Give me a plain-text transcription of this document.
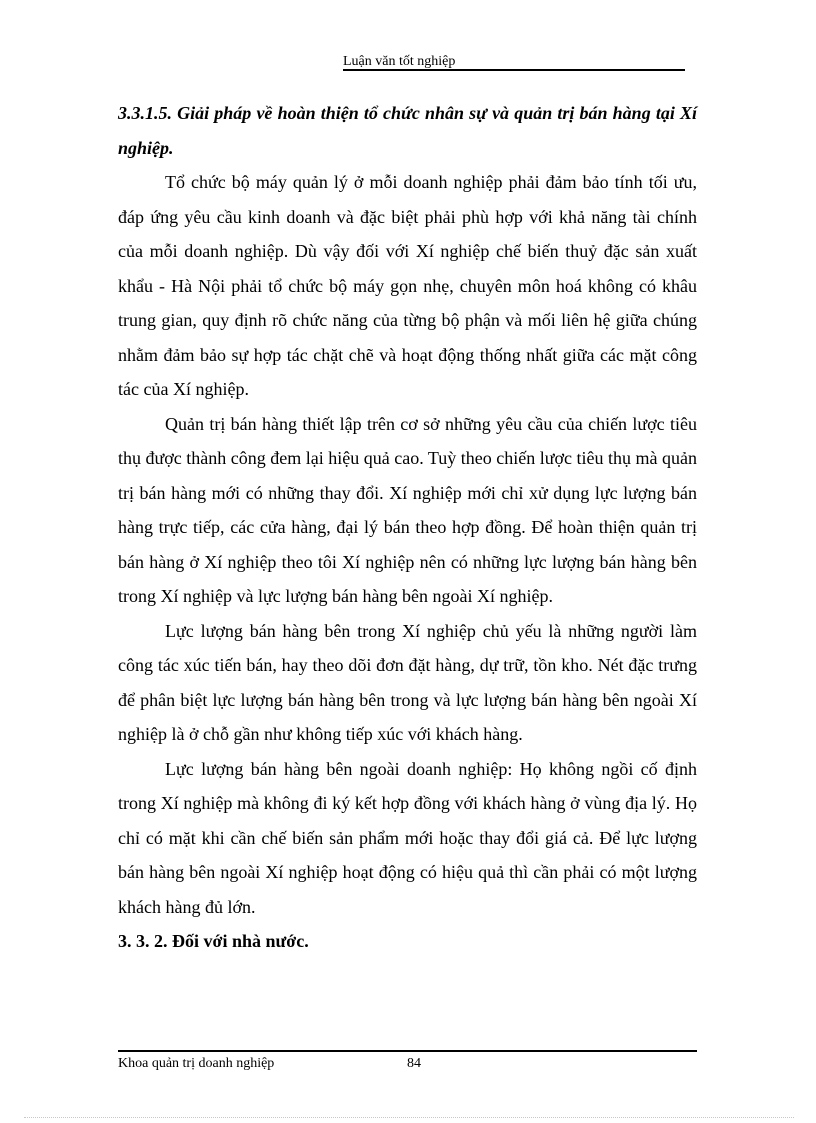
Luận văn tốt nghiệp

3.3.1.5. Giải pháp về hoàn thiện tổ chức nhân sự và quản trị bán hàng tại Xí nghiệp.

Tổ chức bộ máy quản lý ở mỗi doanh nghiệp phải đảm bảo tính tối ưu, đáp ứng yêu cầu kinh doanh và đặc biệt phải phù hợp với khả năng tài chính của mỗi doanh nghiệp. Dù vậy đối với Xí nghiệp chế biến thuỷ đặc sản xuất khẩu - Hà Nội phải tổ chức bộ máy gọn nhẹ, chuyên môn hoá không có khâu trung gian, quy định rõ chức năng của từng bộ phận và mối liên hệ giữa chúng nhằm đảm bảo sự hợp tác chặt chẽ và hoạt động thống nhất giữa các mặt công tác của Xí nghiệp.

Quản trị bán hàng thiết lập trên cơ sở những yêu cầu của chiến lược tiêu thụ được thành công đem lại hiệu quả cao. Tuỳ theo chiến lược tiêu thụ mà quản trị bán hàng mới có những thay đổi. Xí nghiệp mới chỉ xử dụng lực lượng bán hàng trực tiếp, các cửa hàng, đại lý bán theo hợp đồng. Để hoàn thiện quản trị bán hàng ở Xí nghiệp theo tôi Xí nghiệp nên có những lực lượng bán hàng bên trong Xí nghiệp và lực lượng bán hàng bên ngoài Xí nghiệp.

Lực lượng bán hàng bên trong Xí nghiệp chủ yếu là những người làm công tác xúc tiến bán, hay theo dõi đơn đặt hàng, dự trữ, tồn kho. Nét đặc trưng để phân biệt lực lượng bán hàng bên trong và lực lượng bán hàng bên ngoài Xí nghiệp là ở chỗ gần như không tiếp xúc với khách hàng.

Lực lượng bán hàng bên ngoài doanh nghiệp: Họ không ngồi cố định trong Xí nghiệp mà không đi ký kết hợp đồng với khách hàng ở vùng địa lý. Họ chỉ có mặt khi cần chế biến sản phẩm mới hoặc thay đổi giá cả. Để lực lượng bán hàng bên ngoài Xí nghiệp hoạt động có hiệu quả thì cần phải có một lượng khách hàng đủ lớn.

3. 3. 2. Đối với nhà nước.

Khoa quản trị doanh nghiệp	84
